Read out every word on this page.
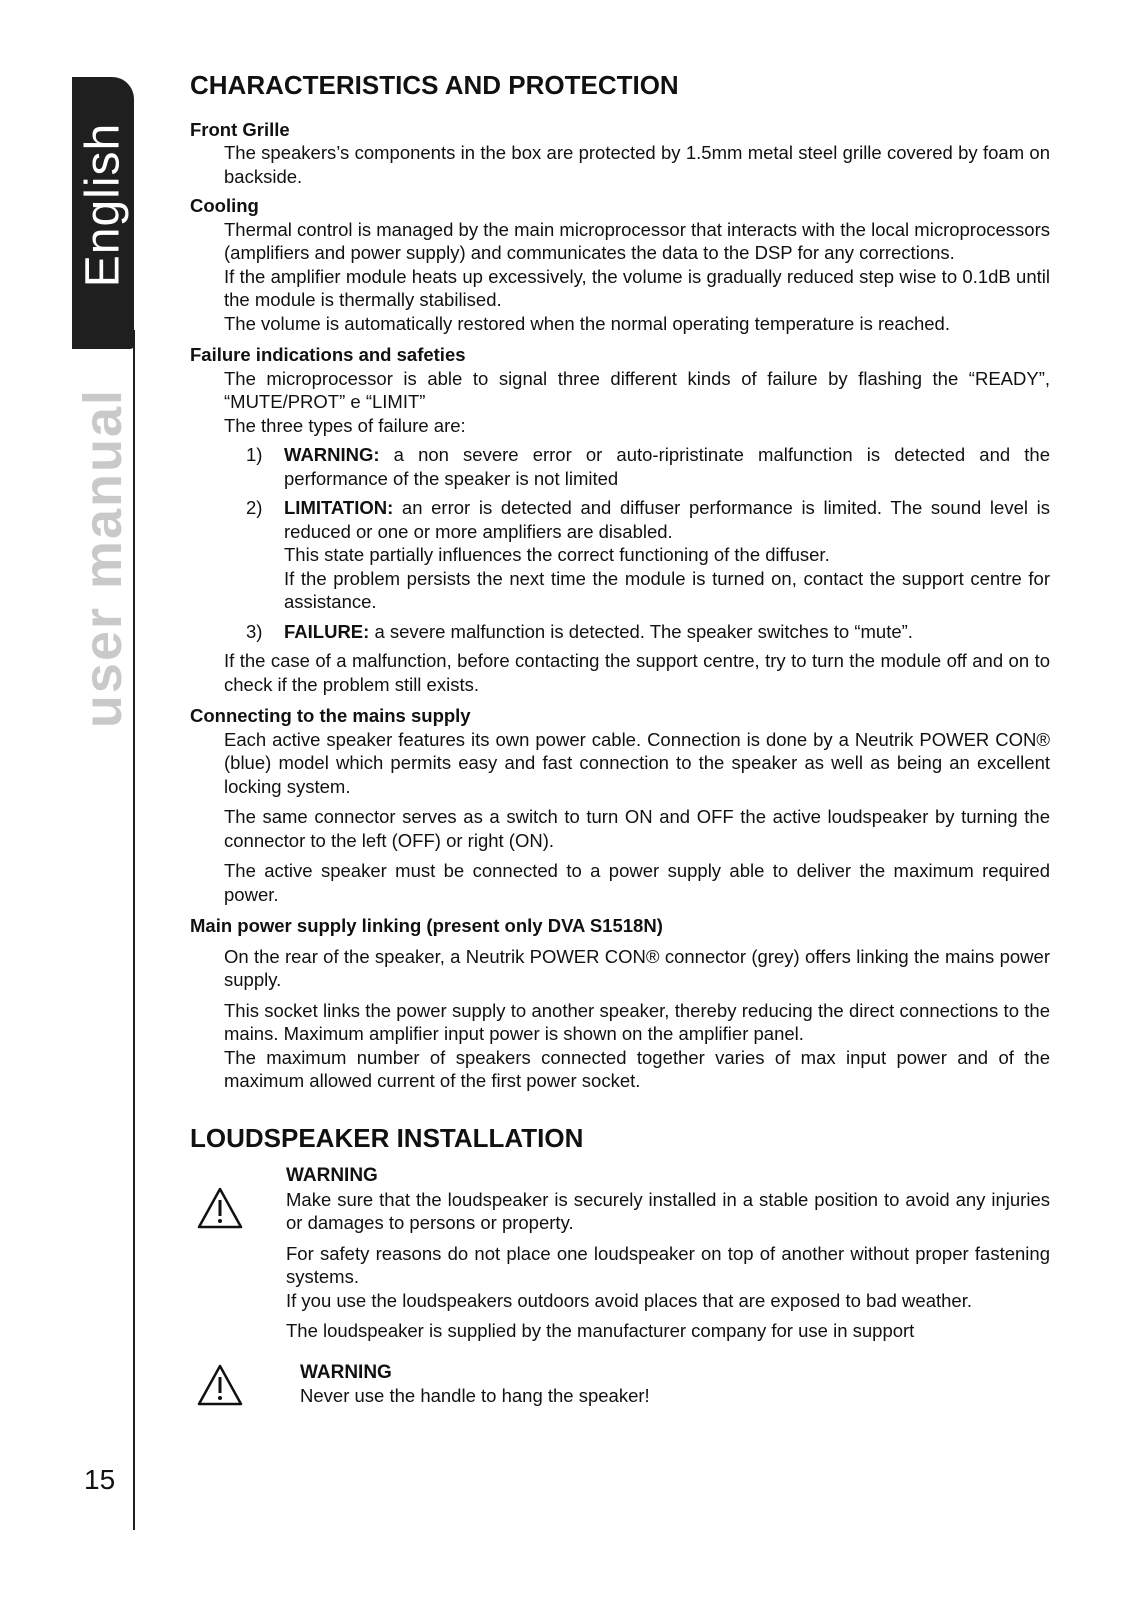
English
user manual
15
CHARACTERISTICS AND PROTECTION
Front Grille

The speakers’s components in the box are protected by 1.5mm metal steel grille covered by foam on backside.

Cooling

Thermal control is managed by the main microprocessor that interacts with the local microprocessors (amplifiers and power supply) and communicates the data to the DSP for any corrections.

If the amplifier module heats up excessively, the volume is gradually reduced step wise to 0.1dB until the module is thermally stabilised.

The volume is automatically restored when the normal operating temperature is reached.

Failure indications and safeties

The microprocessor is able to signal three different kinds of failure by flashing the “READY”, “MUTE/PROT” e “LIMIT”

The three types of failure are:

1) WARNING: a non severe error or auto-ripristinate malfunction is detected and the performance of the speaker is not limited
2) LIMITATION: an error is detected and diffuser performance is limited. The sound level is reduced or one or more amplifiers are disabled.
This state partially influences the correct functioning of the diffuser.
If the problem persists the next time the module is turned on, contact the support centre for assistance.
3) FAILURE: a severe malfunction is detected. The speaker switches to “mute”.

If the case of a malfunction, before contacting the support centre, try to turn the module off and on to check if the problem still exists.

Connecting to the mains supply

Each active speaker features its own power cable. Connection is done by a Neutrik POWER CON® (blue) model which permits easy and fast connection to the speaker as well as being an excellent locking system.

The same connector serves as a switch to turn ON and OFF the active loudspeaker by turning the connector to the left (OFF) or right (ON).

The active speaker must be connected to a power supply able to deliver the maximum required power.

Main power supply linking (present only DVA S1518N)

On the rear of the speaker, a Neutrik POWER CON® connector (grey) offers linking the mains power supply.

This socket links the power supply to another speaker, thereby reducing the direct connections to the mains. Maximum amplifier input power is shown on the amplifier panel.

The maximum number of speakers connected together varies of max input power and of the maximum allowed current of the first power socket.

LOUDSPEAKER INSTALLATION
WARNING
Make sure that the loudspeaker is securely installed in a stable position to avoid any injuries or damages to persons or property.
For safety reasons do not place one loudspeaker on top of another without proper fastening systems.
If you use the loudspeakers outdoors avoid places that are exposed to bad weather.
The loudspeaker is supplied by the manufacturer company for use in support
WARNING
Never use the handle to hang the speaker!
